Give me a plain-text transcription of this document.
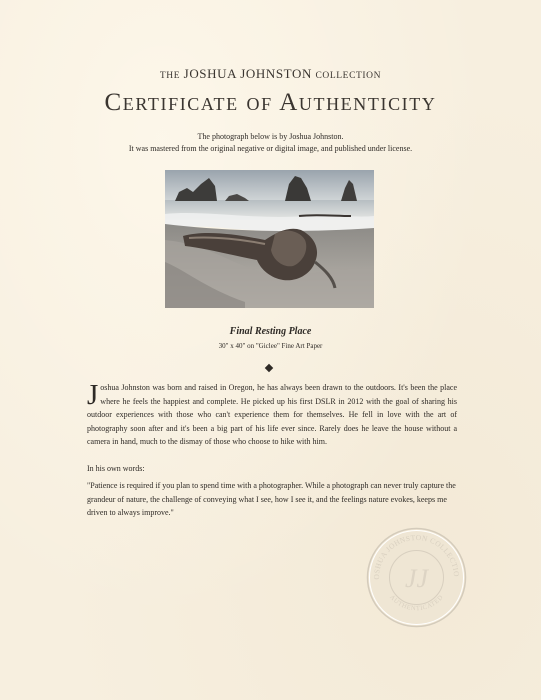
THE JOSHUA JOHNSTON COLLECTION
Certificate of Authenticity
The photograph below is by Joshua Johnston.
It was mastered from the original negative or digital image, and published under license.
Final Resting Place
30" x 40" on "Giclee" Fine Art Paper
Joshua Johnston was born and raised in Oregon, he has always been drawn to the outdoors. It's been the place where he feels the happiest and complete. He picked up his first DSLR in 2012 with the goal of sharing his outdoor experiences with those who can't experience them for themselves. He fell in love with the art of photography soon after and it's been a big part of his life ever since. Rarely does he leave the house without a camera in hand, much to the dismay of those who choose to hike with him.
In his own words:
"Patience is required if you plan to spend time with a photographer. While a photograph can never truly capture the grandeur of nature, the challenge of conveying what I see, how I see it, and the feelings nature evokes, keeps me driven to always improve."
OSHUA JOHNSTON COLLECTIO
AUTHENTICATED
JJ
